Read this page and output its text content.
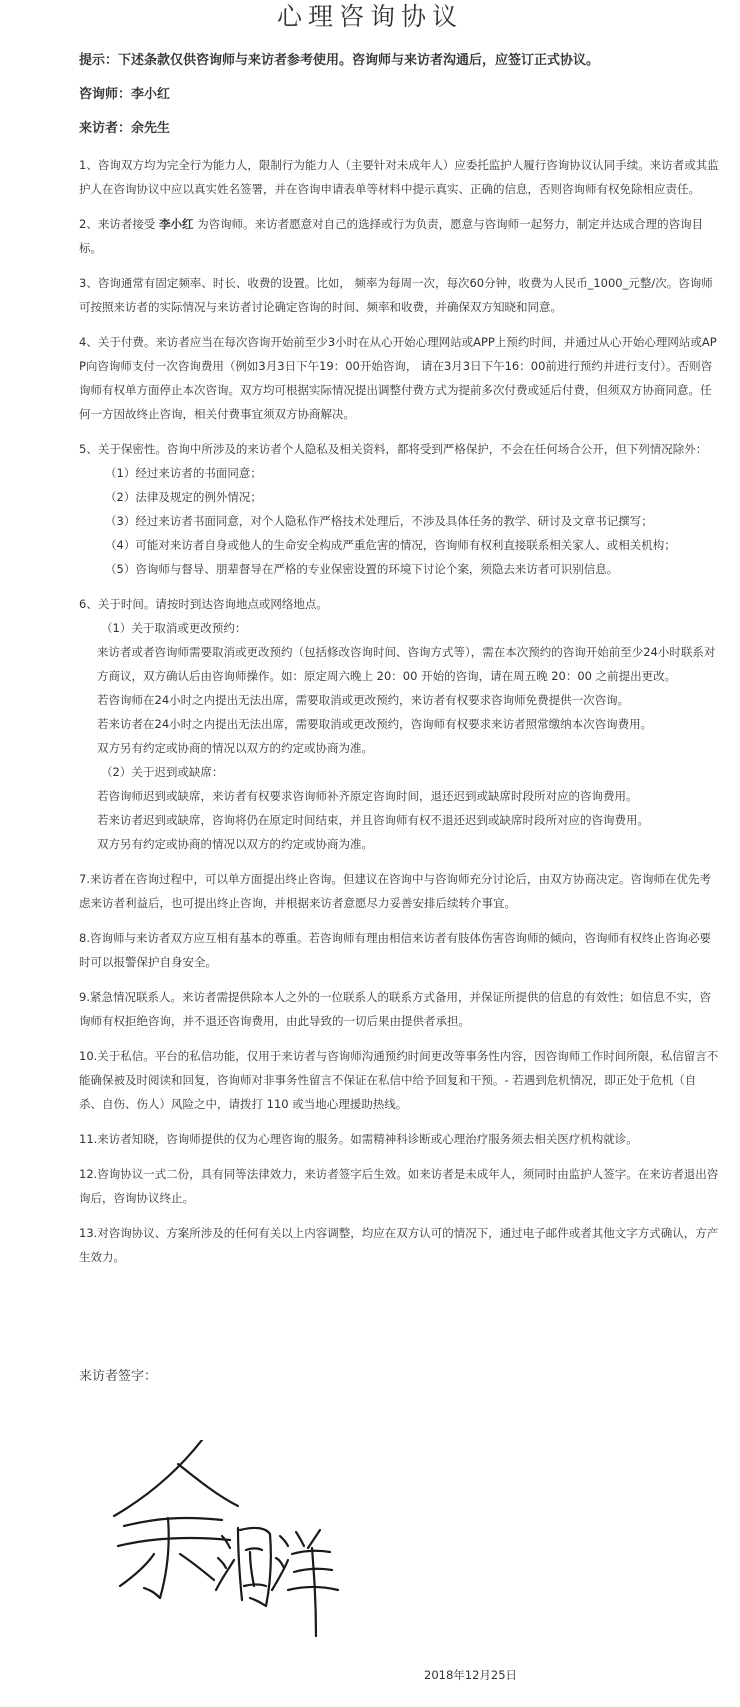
心理咨询协议
提示：下述条款仅供咨询师与来访者参考使用。咨询师与来访者沟通后，应签订正式协议。
咨询师：李小红
来访者：余先生

1、咨询双方均为完全行为能力人，限制行为能力人（主要针对未成年人）应委托监护人履行咨询协议认同手续。来访者或其监护人在咨询协议中应以真实姓名签署，并在咨询申请表单等材料中提示真实、正确的信息，否则咨询师有权免除相应责任。

2、来访者接受 李小红 为咨询师。来访者愿意对自己的选择或行为负责，愿意与咨询师一起努力，制定并达成合理的咨询目标。

3、咨询通常有固定频率、时长、收费的设置。比如， 频率为每周一次，每次60分钟，收费为人民币_1000_元整/次。咨询师可按照来访者的实际情况与来访者讨论确定咨询的时间、频率和收费，并确保双方知晓和同意。

4、关于付费。来访者应当在每次咨询开始前至少3小时在从心开始心理网站或APP上预约时间，并通过从心开始心理网站或APP向咨询师支付一次咨询费用（例如3月3日下午19：00开始咨询， 请在3月3日下午16：00前进行预约并进行支付）。否则咨询师有权单方面停止本次咨询。双方均可根据实际情况提出调整付费方式为提前多次付费或延后付费，但须双方协商同意。任何一方因故终止咨询，相关付费事宜须双方协商解决。

5、关于保密性。咨询中所涉及的来访者个人隐私及相关资料，都将受到严格保护，不会在任何场合公开，但下列情况除外：

（1）经过来访者的书面同意；

（2）法律及规定的例外情况；

（3）经过来访者书面同意，对个人隐私作严格技术处理后，不涉及具体任务的教学、研讨及文章书记撰写；

（4）可能对来访者自身或他人的生命安全构成严重危害的情况，咨询师有权利直接联系相关家人、或相关机构；

（5）咨询师与督导、朋辈督导在严格的专业保密设置的环境下讨论个案，须隐去来访者可识别信息。

6、关于时间。请按时到达咨询地点或网络地点。

（1）关于取消或更改预约：

来访者或者咨询师需要取消或更改预约（包括修改咨询时间、咨询方式等），需在本次预约的咨询开始前至少24小时联系对方商议，双方确认后由咨询师操作。如：原定周六晚上 20：00 开始的咨询，请在周五晚 20：00 之前提出更改。

若咨询师在24小时之内提出无法出席，需要取消或更改预约，来访者有权要求咨询师免费提供一次咨询。

若来访者在24小时之内提出无法出席，需要取消或更改预约，咨询师有权要求来访者照常缴纳本次咨询费用。

双方另有约定或协商的情况以双方的约定或协商为准。

（2）关于迟到或缺席：

若咨询师迟到或缺席，来访者有权要求咨询师补齐原定咨询时间，退还迟到或缺席时段所对应的咨询费用。

若来访者迟到或缺席，咨询将仍在原定时间结束，并且咨询师有权不退还迟到或缺席时段所对应的咨询费用。

双方另有约定或协商的情况以双方的约定或协商为准。

7.来访者在咨询过程中，可以单方面提出终止咨询。但建议在咨询中与咨询师充分讨论后，由双方协商决定。咨询师在优先考虑来访者利益后，也可提出终止咨询，并根据来访者意愿尽力妥善安排后续转介事宜。

8.咨询师与来访者双方应互相有基本的尊重。若咨询师有理由相信来访者有肢体伤害咨询师的倾向，咨询师有权终止咨询必要时可以报警保护自身安全。

9.紧急情况联系人。来访者需提供除本人之外的一位联系人的联系方式备用，并保证所提供的信息的有效性；如信息不实，咨询师有权拒绝咨询，并不退还咨询费用，由此导致的一切后果由提供者承担。

10.关于私信。平台的私信功能，仅用于来访者与咨询师沟通预约时间更改等事务性内容，因咨询师工作时间所限，私信留言不能确保被及时阅读和回复，咨询师对非事务性留言不保证在私信中给予回复和干预。- 若遇到危机情况，即正处于危机（自杀、自伤、伤人）风险之中，请拨打 110 或当地心理援助热线。

11.来访者知晓，咨询师提供的仅为心理咨询的服务。如需精神科诊断或心理治疗服务须去相关医疗机构就诊。

12.咨询协议一式二份，具有同等法律效力，来访者签字后生效。如来访者是未成年人，须同时由监护人签字。在来访者退出咨询后，咨询协议终止。

13.对咨询协议、方案所涉及的任何有关以上内容调整，均应在双方认可的情况下，通过电子邮件或者其他文字方式确认，方产生效力。

来访者签字：
2018年12月25日
